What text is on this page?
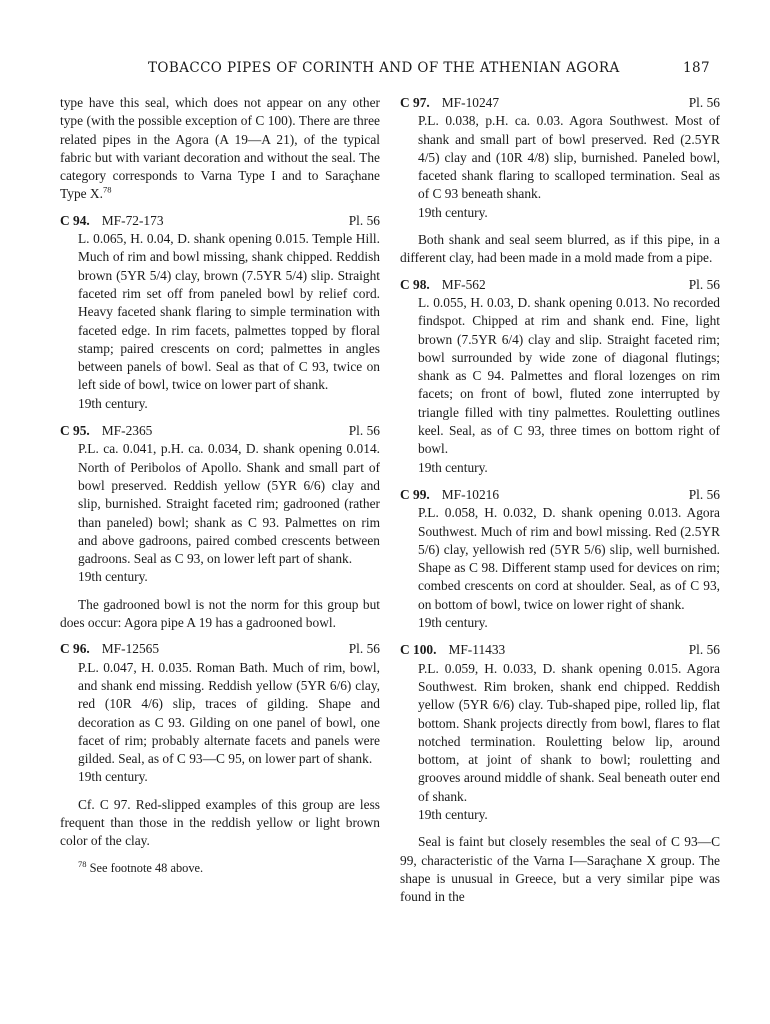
TOBACCO PIPES OF CORINTH AND OF THE ATHENIAN AGORA	187

type have this seal, which does not appear on any other type (with the possible exception of C 100). There are three related pipes in the Agora (A 19—A 21), of the typical fabric but with variant decoration and without the seal. The category corresponds to Varna Type I and to Saraçhane Type X.$^{78}$

C 94. MF-72-173	Pl. 56
L. 0.065, H. 0.04, D. shank opening 0.015. Temple Hill. Much of rim and bowl missing, shank chipped. Reddish brown (5YR 5/4) clay, brown (7.5YR 5/4) slip. Straight faceted rim set off from paneled bowl by relief cord. Heavy faceted shank flaring to simple termination with faceted edge. In rim facets, palmettes topped by floral stamp; paired crescents on cord; palmettes in angles between panels of bowl. Seal as that of C 93, twice on left side of bowl, twice on lower part of shank.
19th century.
C 95. MF-2365	Pl. 56
P.L. ca. 0.041, p.H. ca. 0.034, D. shank opening 0.014. North of Peribolos of Apollo. Shank and small part of bowl preserved. Reddish yellow (5YR 6/6) clay and slip, burnished. Straight faceted rim; gadrooned (rather than paneled) bowl; shank as C 93. Palmettes on rim and above gadroons, paired combed crescents between gadroons. Seal as C 93, on lower left part of shank.
19th century.

The gadrooned bowl is not the norm for this group but does occur: Agora pipe A 19 has a gadrooned bowl.

C 96. MF-12565	Pl. 56
P.L. 0.047, H. 0.035. Roman Bath. Much of rim, bowl, and shank end missing. Reddish yellow (5YR 6/6) clay, red (10R 4/6) slip, traces of gilding. Shape and decoration as C 93. Gilding on one panel of bowl, one facet of rim; probably alternate facets and panels were gilded. Seal, as of C 93—C 95, on lower part of shank.
19th century.

Cf. C 97. Red-slipped examples of this group are less frequent than those in the reddish yellow or light brown color of the clay.

$^{78}$ See footnote 48 above.
C 97. MF-10247	Pl. 56
P.L. 0.038, p.H. ca. 0.03. Agora Southwest. Most of shank and small part of bowl preserved. Red (2.5YR 4/5) clay and (10R 4/8) slip, burnished. Paneled bowl, faceted shank flaring to scalloped termination. Seal as of C 93 beneath shank.
19th century.

Both shank and seal seem blurred, as if this pipe, in a different clay, had been made in a mold made from a pipe.

C 98. MF-562	Pl. 56
L. 0.055, H. 0.03, D. shank opening 0.013. No recorded findspot. Chipped at rim and shank end. Fine, light brown (7.5YR 6/4) clay and slip. Straight faceted rim; bowl surrounded by wide zone of diagonal flutings; shank as C 94. Palmettes and floral lozenges on rim facets; on front of bowl, fluted zone interrupted by triangle filled with tiny palmettes. Rouletting outlines keel. Seal, as of C 93, three times on bottom right of bowl.
19th century.
C 99. MF-10216	Pl. 56
P.L. 0.058, H. 0.032, D. shank opening 0.013. Agora Southwest. Much of rim and bowl missing. Red (2.5YR 5/6) clay, yellowish red (5YR 5/6) slip, well burnished. Shape as C 98. Different stamp used for devices on rim; combed crescents on cord at shoulder. Seal, as of C 93, on bottom of bowl, twice on lower right of shank.
19th century.
C 100. MF-11433	Pl. 56
P.L. 0.059, H. 0.033, D. shank opening 0.015. Agora Southwest. Rim broken, shank end chipped. Reddish yellow (5YR 6/6) clay. Tub-shaped pipe, rolled lip, flat bottom. Shank projects directly from bowl, flares to flat notched termination. Rouletting below lip, around bottom, at joint of shank to bowl; rouletting and grooves around middle of shank. Seal beneath outer end of shank.
19th century.

Seal is faint but closely resembles the seal of C 93—C 99, characteristic of the Varna I—Saraçhane X group. The shape is unusual in Greece, but a very similar pipe was found in the
